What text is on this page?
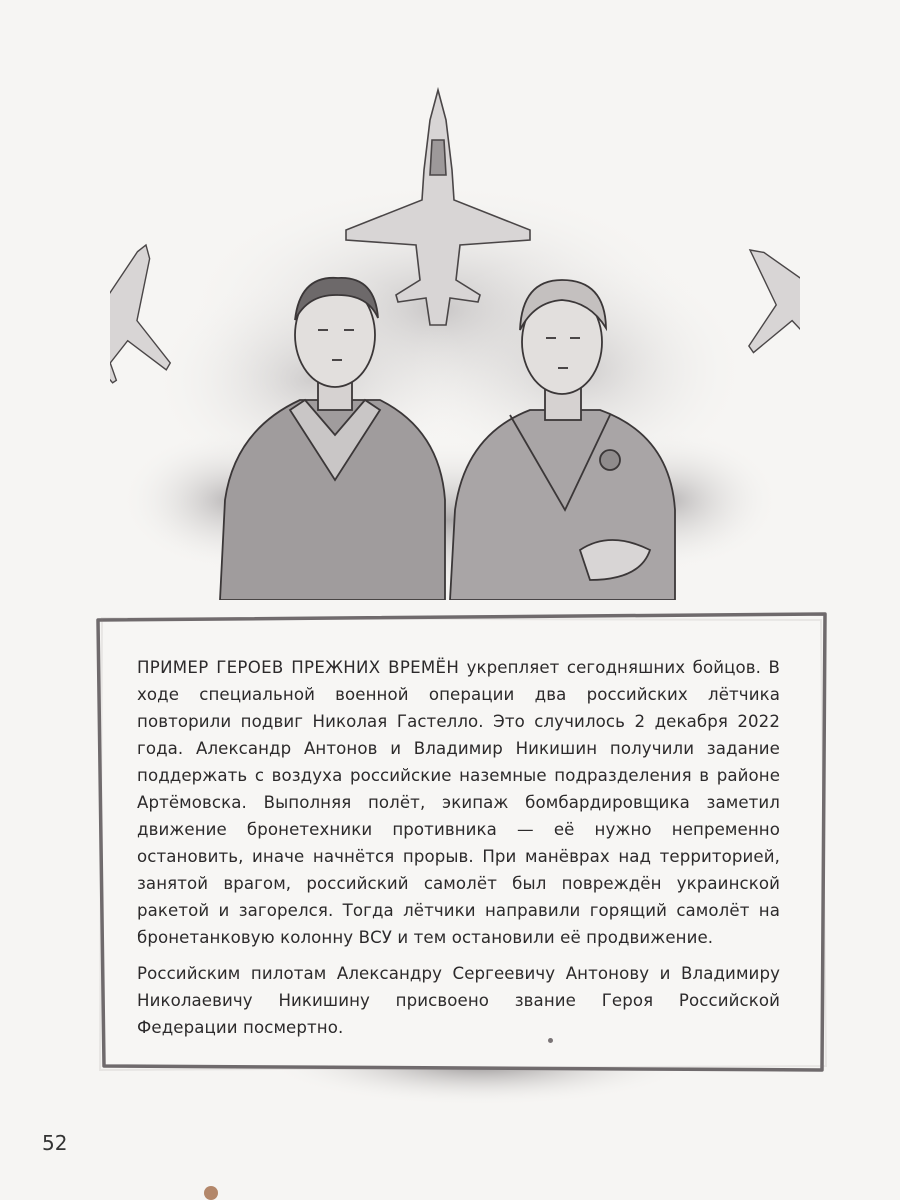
ПРИМЕР ГЕРОЕВ ПРЕЖНИХ ВРЕМЁН укрепляет сегодняшних бойцов. В ходе специальной военной операции два российских лётчика повторили подвиг Николая Гастелло. Это случилось 2 декабря 2022 года. Александр Антонов и Владимир Никишин получили задание поддержать с воздуха российские наземные подразделения в районе Артёмовска. Выполняя полёт, экипаж бомбардировщика заметил движение бронетехники противника — её нужно непременно остановить, иначе начнётся прорыв. При манёврах над территорией, занятой врагом, российский самолёт был повреждён украинской ракетой и загорелся. Тогда лётчики направили горящий самолёт на бронетанковую колонну ВСУ и тем остановили её продвижение.

Российским пилотам Александру Сергеевичу Антонову и Владимиру Николаевичу Никишину присвоено звание Героя Российской Федерации посмертно.

52
